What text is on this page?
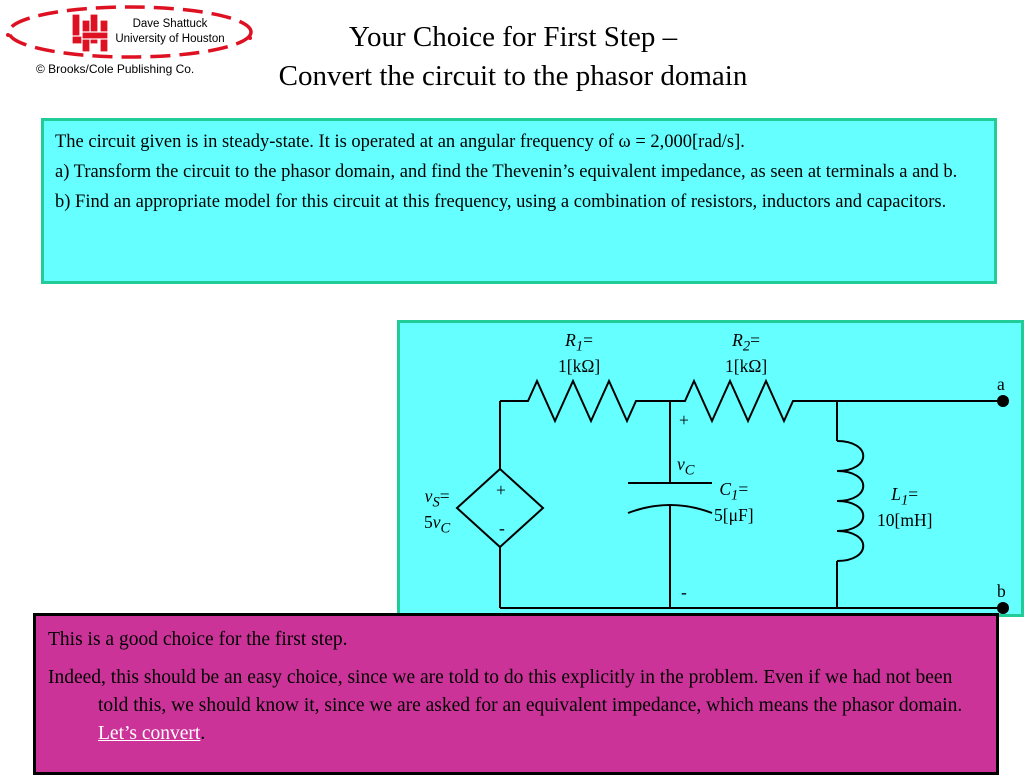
Dave Shattuck
University of Houston
© Brooks/Cole Publishing Co.
Your Choice for First Step –
Convert the circuit to the phasor domain

The circuit given is in steady-state. It is operated at an angular frequency of ω = 2,000[rad/s].

a) Transform the circuit to the phasor domain, and find the Thevenin’s equivalent impedance, as seen at terminals a and b.

b) Find an appropriate model for this circuit at this frequency, using a combination of resistors, inductors and capacitors.

$R_1=$
1[kΩ]
$R_2=$
1[kΩ]
a
b
+
$v_C$
-
$C_1=$
5[μF]
$L_1=$
10[mH]
+
-
$v_S=$
$5v_C$

This is a good choice for the first step.

Indeed, this should be an easy choice, since we are told to do this explicitly in the problem. Even if we had not been told this, we should know it, since we are asked for an equivalent impedance, which means the phasor domain. Let’s convert.
